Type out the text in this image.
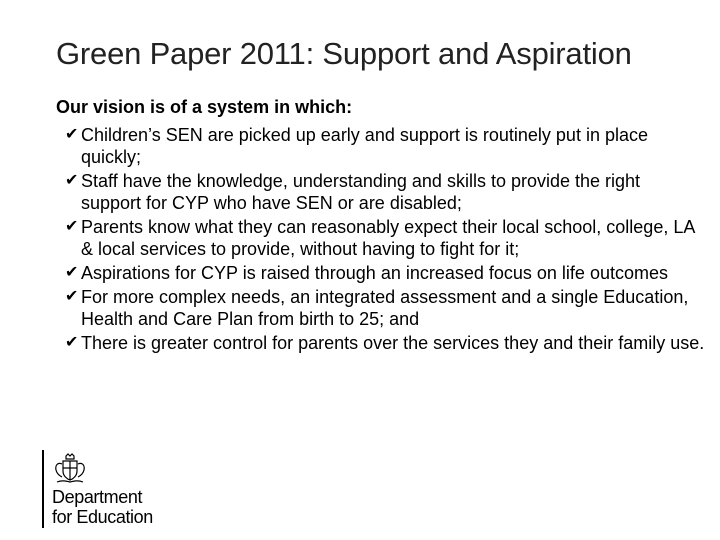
Green Paper 2011: Support and Aspiration

Our vision is of a system in which:

✔ Children’s SEN are picked up early and support is routinely put in place quickly;
✔ Staff have the knowledge, understanding and skills to provide the right support for CYP who have SEN or are disabled;
✔ Parents know what they can reasonably expect their local school, college, LA & local services to provide, without having to fight for it;
✔ Aspirations for CYP is raised through an increased focus on life outcomes
✔ For more complex needs, an integrated assessment and a single Education, Health and Care Plan from birth to 25; and
✔ There is greater control for parents over the services they and their family use.
Department
for Education
